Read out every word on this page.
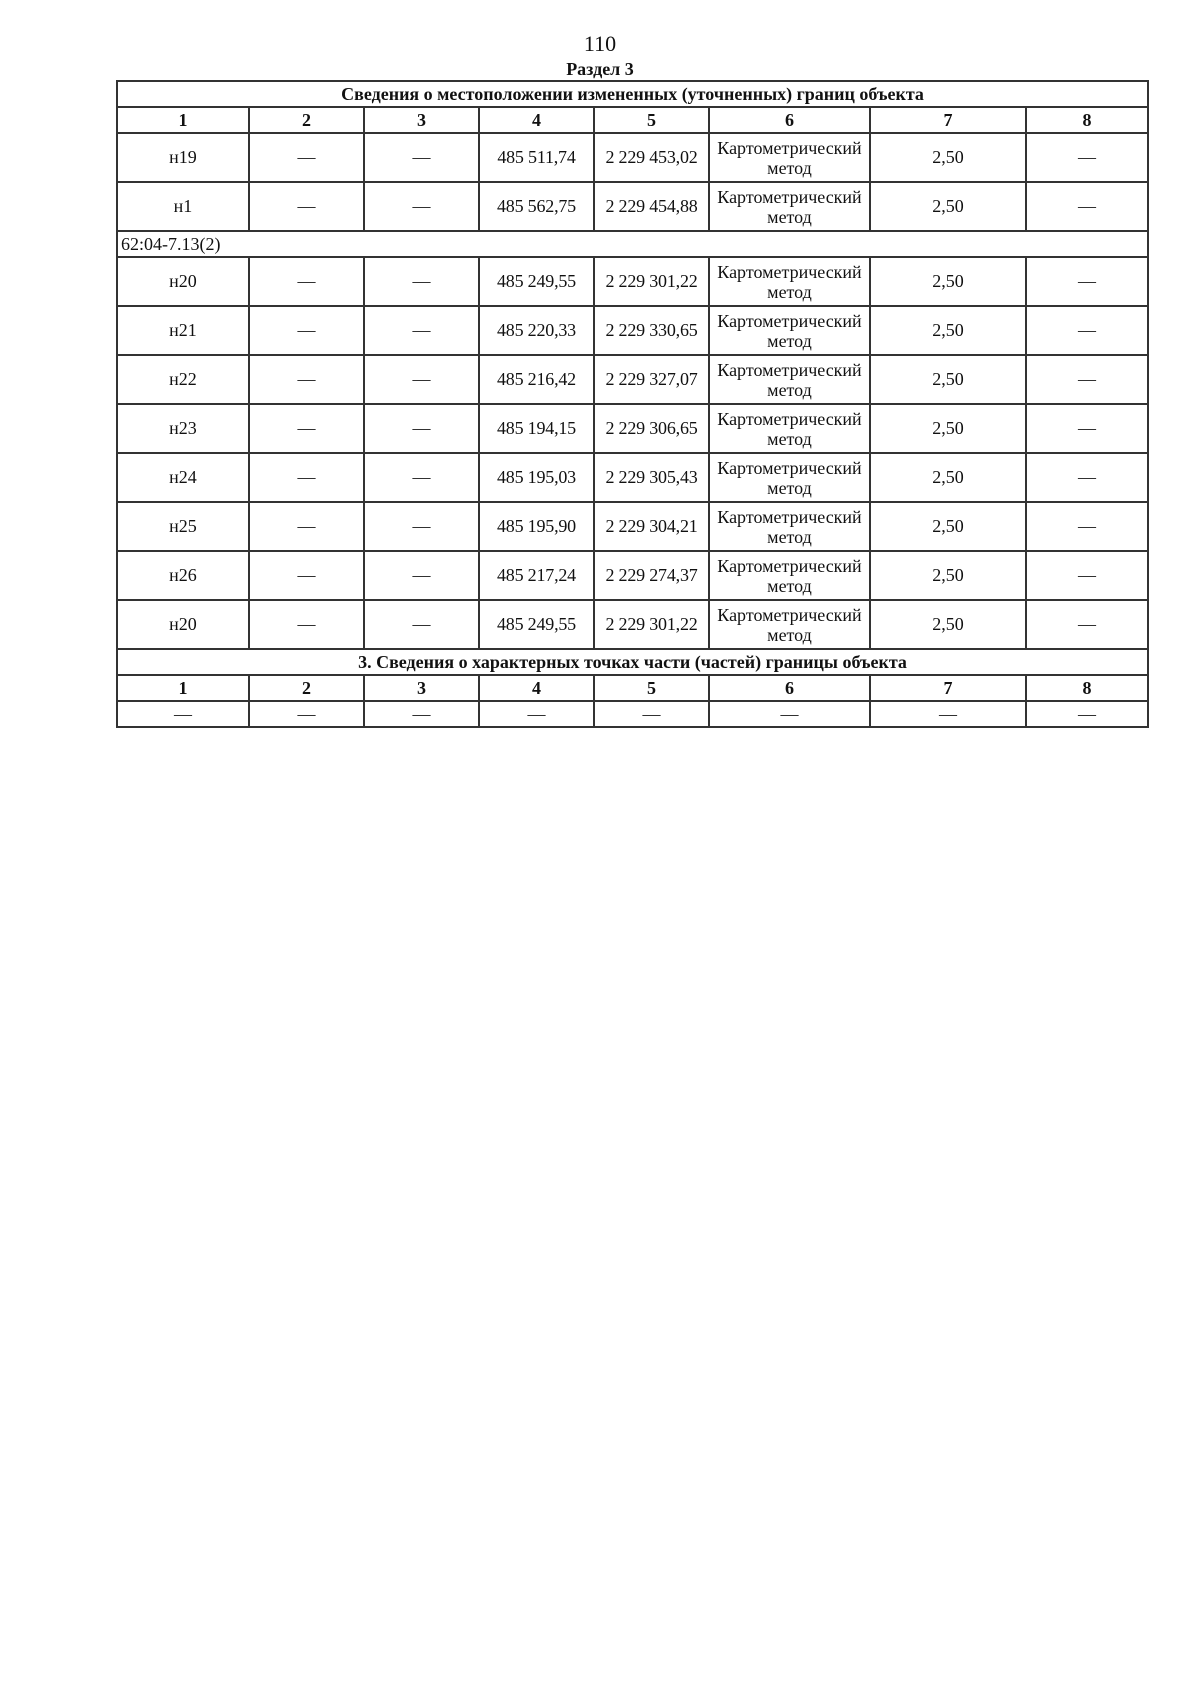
110
Раздел 3
Сведения о местоположении измененных (уточненных) границ объекта							
1	2	3	4	5	6	7	8
н19	—	—	485 511,74	2 229 453,02	Картометрический метод	2,50	—
н1	—	—	485 562,75	2 229 454,88	Картометрический метод	2,50	—
62:04-7.13(2)							
н20	—	—	485 249,55	2 229 301,22	Картометрический метод	2,50	—
н21	—	—	485 220,33	2 229 330,65	Картометрический метод	2,50	—
н22	—	—	485 216,42	2 229 327,07	Картометрический метод	2,50	—
н23	—	—	485 194,15	2 229 306,65	Картометрический метод	2,50	—
н24	—	—	485 195,03	2 229 305,43	Картометрический метод	2,50	—
н25	—	—	485 195,90	2 229 304,21	Картометрический метод	2,50	—
н26	—	—	485 217,24	2 229 274,37	Картометрический метод	2,50	—
н20	—	—	485 249,55	2 229 301,22	Картометрический метод	2,50	—
3. Сведения о характерных точках части (частей) границы объекта							
1	2	3	4	5	6	7	8
—	—	—	—	—	—	—	—
